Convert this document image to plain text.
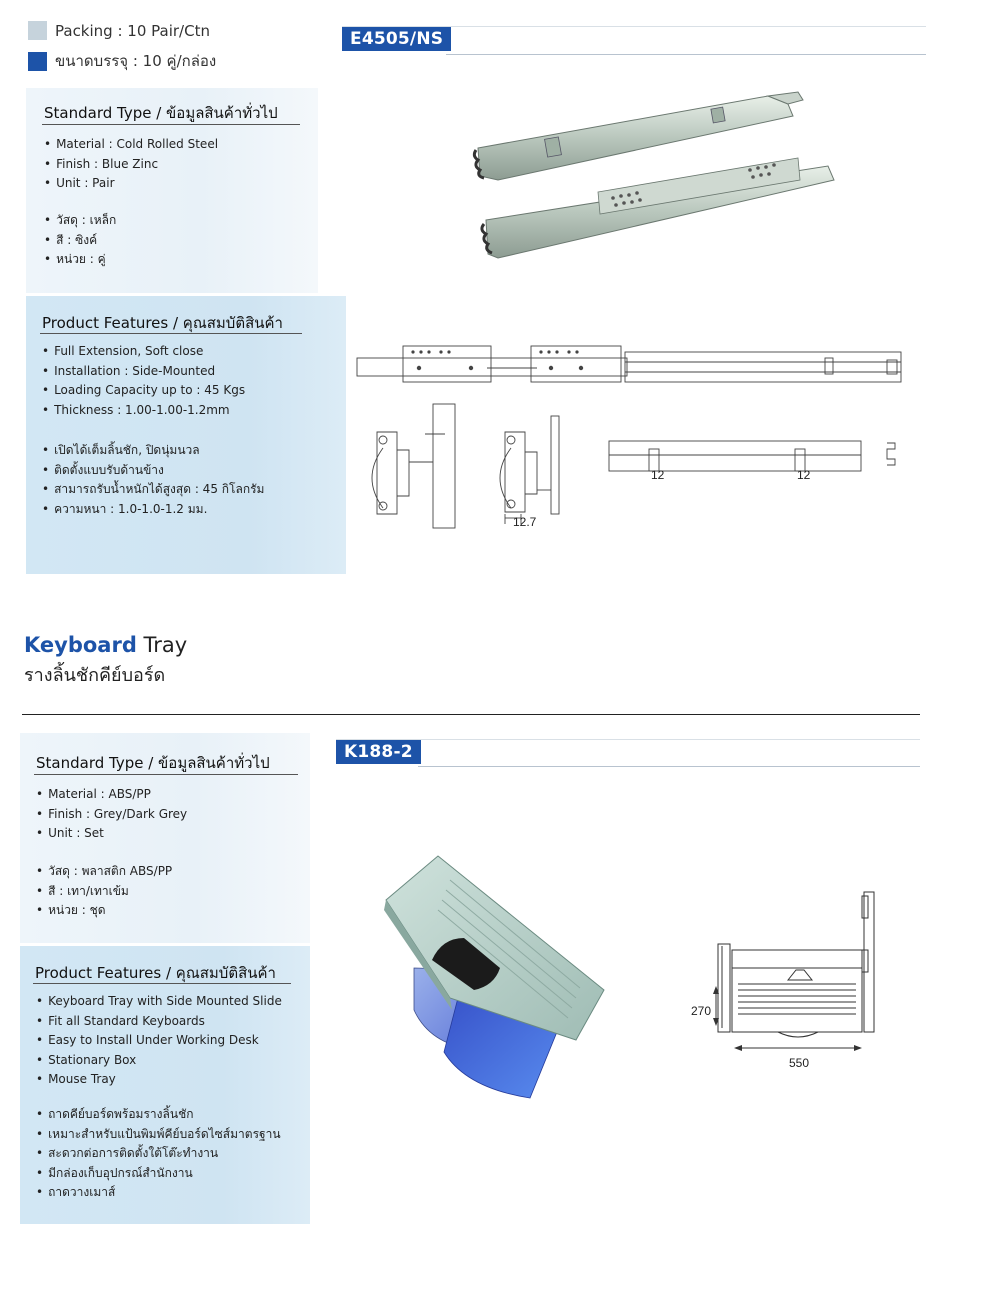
Packing : 10 Pair/Ctn
ขนาดบรรจุ : 10 คู่/กล่อง
Standard Type / ข้อมูลสินค้าทั่วไป
• Material : Cold Rolled Steel
• Finish : Blue Zinc
• Unit : Pair
• วัสดุ : เหล็ก
• สี : ซิงค์
• หน่วย : คู่
Product Features / คุณสมบัติสินค้า
• Full Extension, Soft close
• Installation : Side-Mounted
• Loading Capacity up to : 45 Kgs
• Thickness : 1.00-1.00-1.2mm
• เปิดได้เต็มลิ้นชัก, ปิดนุ่มนวล
• ติดตั้งแบบรับด้านข้าง
• สามารถรับน้ำหนักได้สูงสุด : 45 กิโลกรัม
• ความหนา : 1.0-1.0-1.2 มม.
E4505/NS
12.7
12	12
Keyboard Tray
รางลิ้นชักคีย์บอร์ด
Standard Type / ข้อมูลสินค้าทั่วไป
• Material : ABS/PP
• Finish : Grey/Dark Grey
• Unit : Set
• วัสดุ : พลาสติก ABS/PP
• สี : เทา/เทาเข้ม
• หน่วย : ชุด
Product Features / คุณสมบัติสินค้า
• Keyboard Tray with Side Mounted Slide
• Fit all Standard Keyboards
• Easy to Install Under Working Desk
• Stationary Box
• Mouse Tray
• ถาดคีย์บอร์ดพร้อมรางลิ้นชัก
• เหมาะสำหรับแป้นพิมพ์คีย์บอร์ดไซส์มาตรฐาน
• สะดวกต่อการติดตั้งใต้โต๊ะทำงาน
• มีกล่องเก็บอุปกรณ์สำนักงาน
• ถาดวางเมาส์
K188-2
270
550
